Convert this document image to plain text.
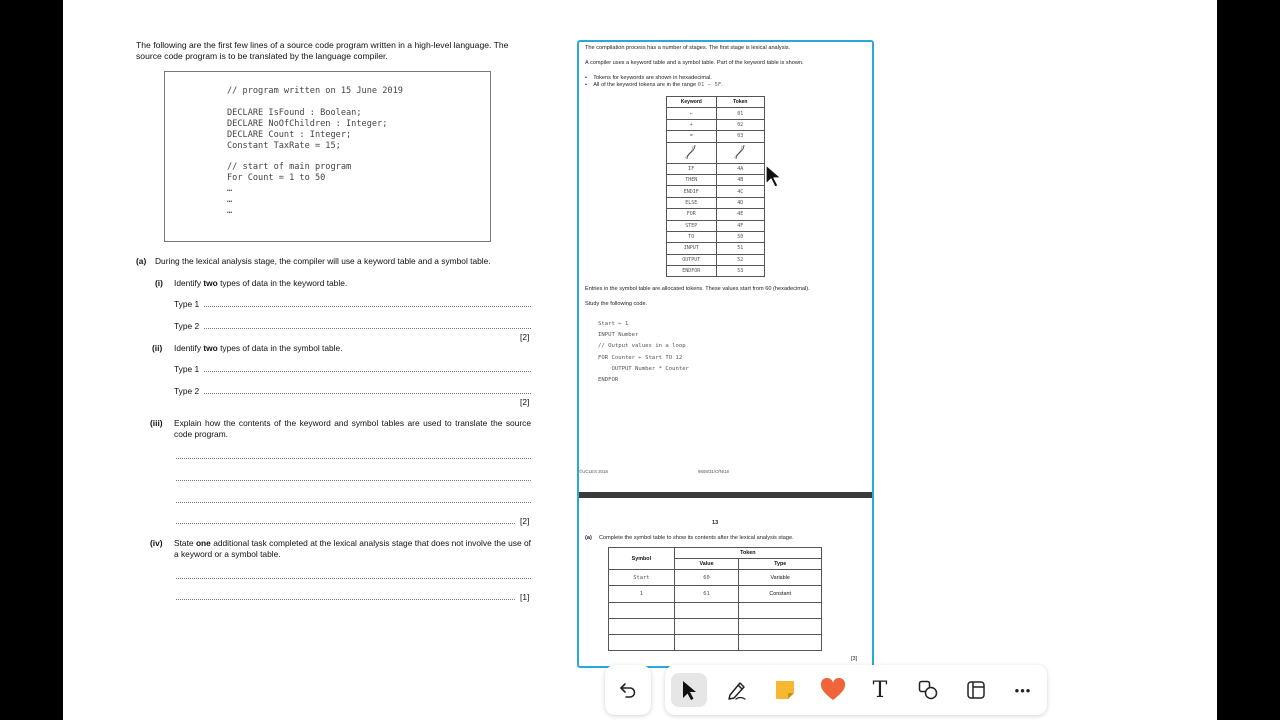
The following are the first few lines of a source code program written in a high-level language. The source code program is to be translated by the language compiler.
// program written on 15 June 2019
DECLARE IsFound : Boolean;
DECLARE NoOfChildren : Integer;
DECLARE Count : Integer;
Constant TaxRate = 15;
// start of main program
For Count = 1 to 50
…
…
…
(a) During the lexical analysis stage, the compiler will use a keyword table and a symbol table.
(i) Identify two types of data in the keyword table.
Type 1
Type 2
[2]
(ii) Identify two types of data in the symbol table.
Type 1
Type 2
[2]
(iii) Explain how the contents of the keyword and symbol tables are used to translate the source code program.
[2]
(iv) State one additional task completed at the lexical analysis stage that does not involve the use of a keyword or a symbol table.
[1]
The compilation process has a number of stages. The first stage is lexical analysis.
A compiler uses a keyword table and a symbol table. Part of the keyword table is shown.
•    Tokens for keywords are shown in hexadecimal.
•    All of the keyword tokens are in the range 01 – 5F.
Keyword	Token
←	01
+	02
=	03

IF	4A
THEN	4B
ENDIF	4C
ELSE	4D
FOR	4E
STEP	4F
TO	50
INPUT	51
OUTPUT	52
ENDFOR	53
Entries in the symbol table are allocated tokens. These values start from 60 (hexadecimal).
Study the following code.
Start ← 1
INPUT Number
// Output values in a loop
FOR Counter ← Start TO 12
OUTPUT Number * Counter
ENDFOR
©UCLES 2018	9608/31/O/N/18
13
(a) Complete the symbol table to show its contents after the lexical analysis stage.
Symbol	Token	
	Value	Type
Start	60	Variable
1	61	Constant

[3]
T	•••
